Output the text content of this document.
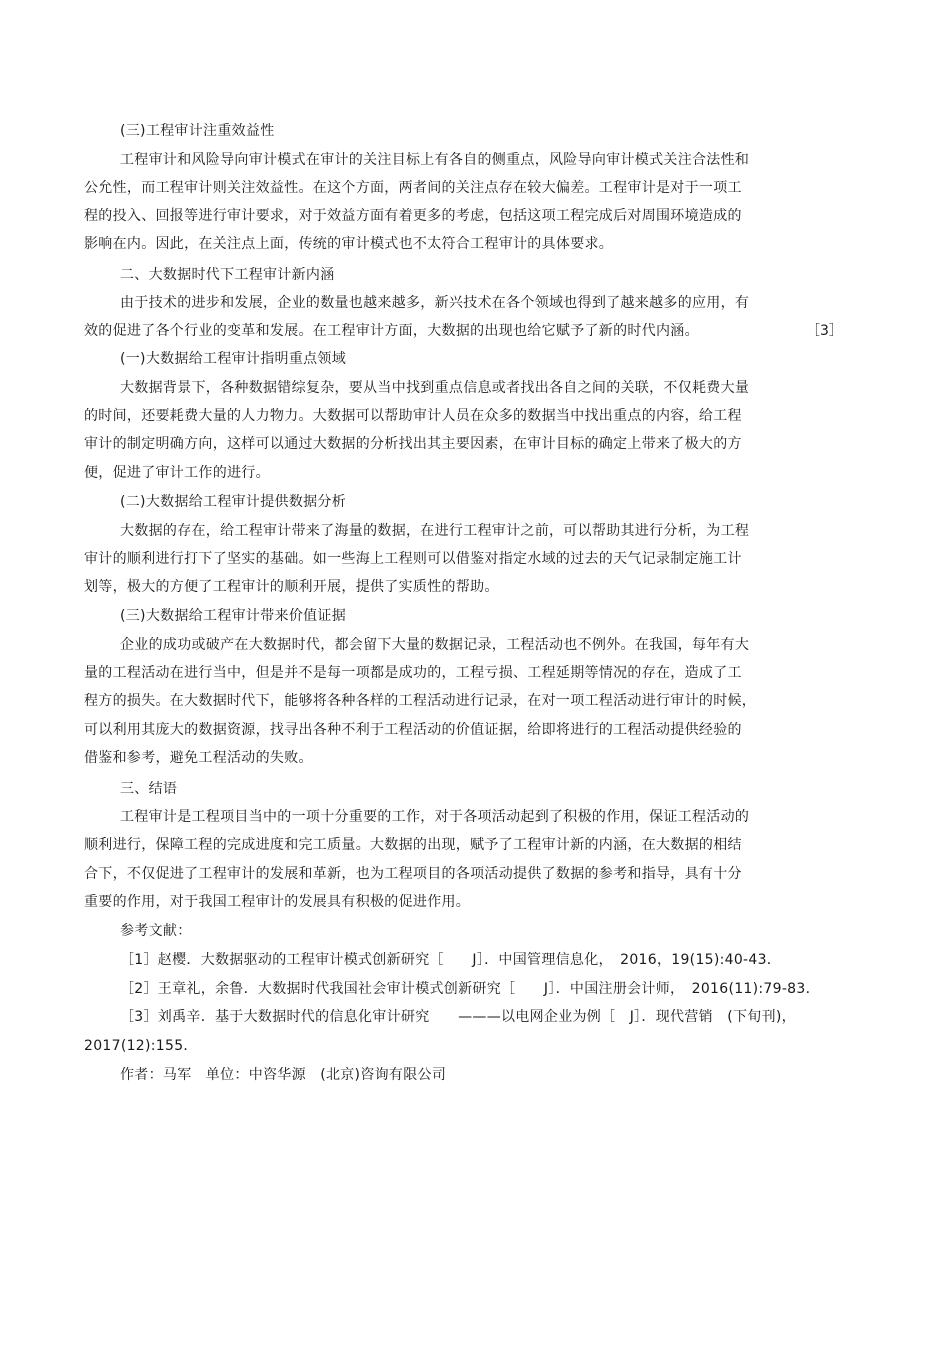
(三)工程审计注重效益性
工程审计和风险导向审计模式在审计的关注目标上有各自的侧重点，风险导向审计模式关注合法性和
公允性，而工程审计则关注效益性。在这个方面，两者间的关注点存在较大偏差。工程审计是对于一项工
程的投入、回报等进行审计要求，对于效益方面有着更多的考虑，包括这项工程完成后对周围环境造成的
影响在内。因此，在关注点上面，传统的审计模式也不太符合工程审计的具体要求。
二、大数据时代下工程审计新内涵
由于技术的进步和发展，企业的数量也越来越多，新兴技术在各个领域也得到了越来越多的应用，有
效的促进了各个行业的变革和发展。在工程审计方面，大数据的出现也给它赋予了新的时代内涵。	［3］
(一)大数据给工程审计指明重点领域
大数据背景下，各种数据错综复杂，要从当中找到重点信息或者找出各自之间的关联，不仅耗费大量
的时间，还要耗费大量的人力物力。大数据可以帮助审计人员在众多的数据当中找出重点的内容，给工程
审计的制定明确方向，这样可以通过大数据的分析找出其主要因素，在审计目标的确定上带来了极大的方
便，促进了审计工作的进行。
(二)大数据给工程审计提供数据分析
大数据的存在，给工程审计带来了海量的数据，在进行工程审计之前，可以帮助其进行分析，为工程
审计的顺利进行打下了坚实的基础。如一些海上工程则可以借鉴对指定水域的过去的天气记录制定施工计
划等，极大的方便了工程审计的顺利开展，提供了实质性的帮助。
(三)大数据给工程审计带来价值证据
企业的成功或破产在大数据时代，都会留下大量的数据记录，工程活动也不例外。在我国，每年有大
量的工程活动在进行当中，但是并不是每一项都是成功的，工程亏损、工程延期等情况的存在，造成了工
程方的损失。在大数据时代下，能够将各种各样的工程活动进行记录，在对一项工程活动进行审计的时候，
可以利用其庞大的数据资源，找寻出各种不利于工程活动的价值证据，给即将进行的工程活动提供经验的
借鉴和参考，避免工程活动的失败。
三、结语
工程审计是工程项目当中的一项十分重要的工作，对于各项活动起到了积极的作用，保证工程活动的
顺利进行，保障工程的完成进度和完工质量。大数据的出现，赋予了工程审计新的内涵，在大数据的相结
合下，不仅促进了工程审计的发展和革新，也为工程项目的各项活动提供了数据的参考和指导，具有十分
重要的作用，对于我国工程审计的发展具有积极的促进作用。
参考文献：
［1］赵樱．大数据驱动的工程审计模式创新研究［　　J］．中国管理信息化，　2016，19(15):40-43．
［2］王章礼，余鲁．大数据时代我国社会审计模式创新研究［　　J］．中国注册会计师，　2016(11):79-83．
［3］刘禹辛．基于大数据时代的信息化审计研究　　———以电网企业为例［　J］．现代营销　(下旬刊)，
2017(12):155．
作者：马军　单位：中咨华源　(北京)咨询有限公司
